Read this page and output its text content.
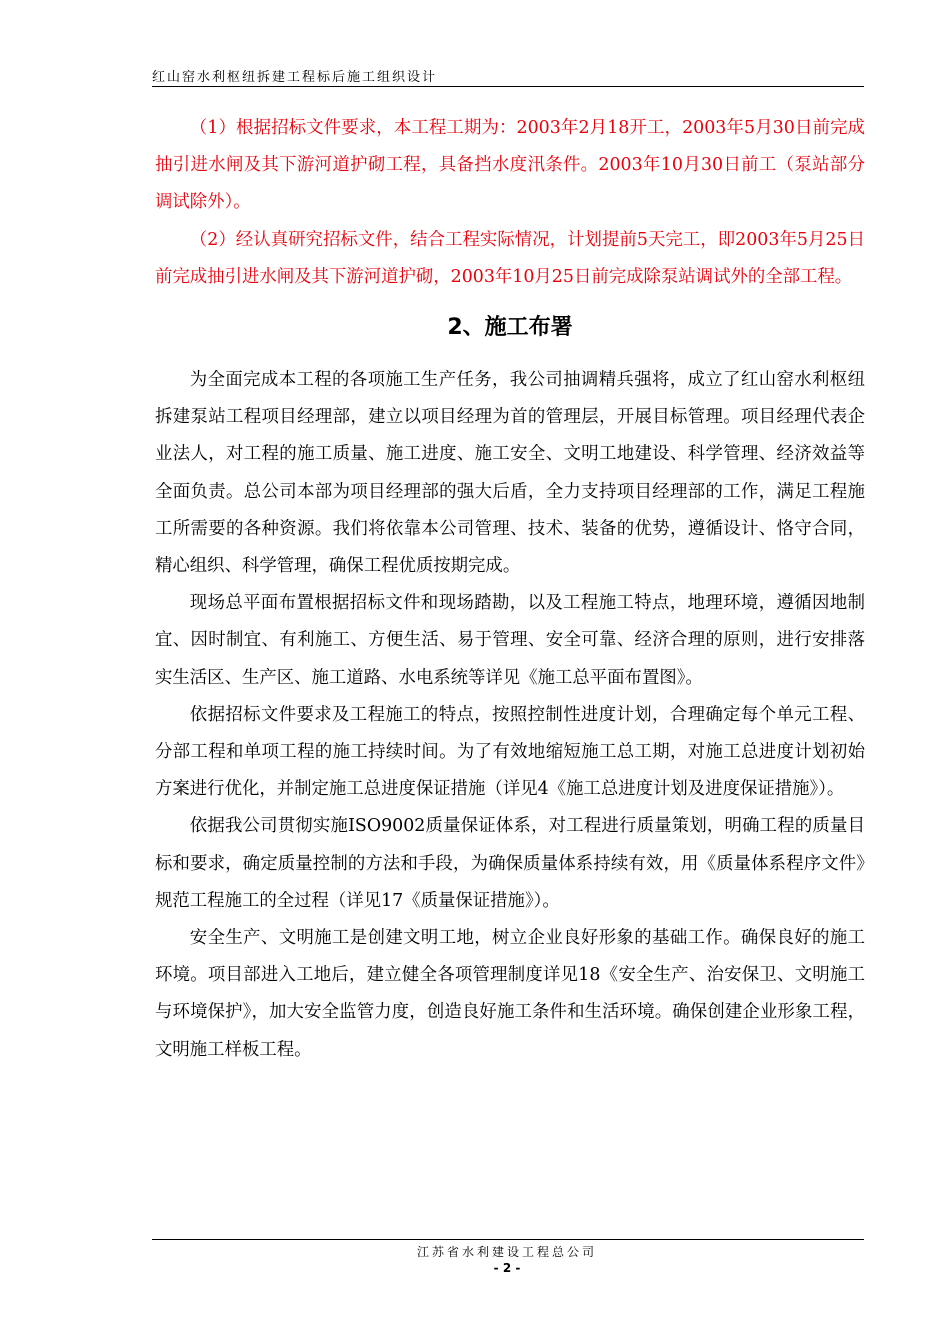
红山窑水利枢纽拆建工程标后施工组织设计

（1）根据招标文件要求，本工程工期为：2003年2月18开工，2003年5月30日前完成抽引进水闸及其下游河道护砌工程，具备挡水度汛条件。2003年10月30日前工（泵站部分调试除外）。

（2）经认真研究招标文件，结合工程实际情况，计划提前5天完工，即2003年5月25日前完成抽引进水闸及其下游河道护砌，2003年10月25日前完成除泵站调试外的全部工程。

2、施工布署

为全面完成本工程的各项施工生产任务，我公司抽调精兵强将，成立了红山窑水利枢纽拆建泵站工程项目经理部，建立以项目经理为首的管理层，开展目标管理。项目经理代表企业法人，对工程的施工质量、施工进度、施工安全、文明工地建设、科学管理、经济效益等全面负责。总公司本部为项目经理部的强大后盾，全力支持项目经理部的工作，满足工程施工所需要的各种资源。我们将依靠本公司管理、技术、装备的优势，遵循设计、恪守合同，精心组织、科学管理，确保工程优质按期完成。

现场总平面布置根据招标文件和现场踏勘，以及工程施工特点，地理环境，遵循因地制宜、因时制宜、有利施工、方便生活、易于管理、安全可靠、经济合理的原则，进行安排落实生活区、生产区、施工道路、水电系统等详见《施工总平面布置图》。

依据招标文件要求及工程施工的特点，按照控制性进度计划，合理确定每个单元工程、分部工程和单项工程的施工持续时间。为了有效地缩短施工总工期，对施工总进度计划初始方案进行优化，并制定施工总进度保证措施（详见4《施工总进度计划及进度保证措施》）。

依据我公司贯彻实施ISO9002质量保证体系，对工程进行质量策划，明确工程的质量目标和要求，确定质量控制的方法和手段，为确保质量体系持续有效，用《质量体系程序文件》规范工程施工的全过程（详见17《质量保证措施》）。

安全生产、文明施工是创建文明工地，树立企业良好形象的基础工作。确保良好的施工环境。项目部进入工地后，建立健全各项管理制度详见18《安全生产、治安保卫、文明施工与环境保护》，加大安全监管力度，创造良好施工条件和生活环境。确保创建企业形象工程，文明施工样板工程。

江苏省水利建设工程总公司
- 2 -
